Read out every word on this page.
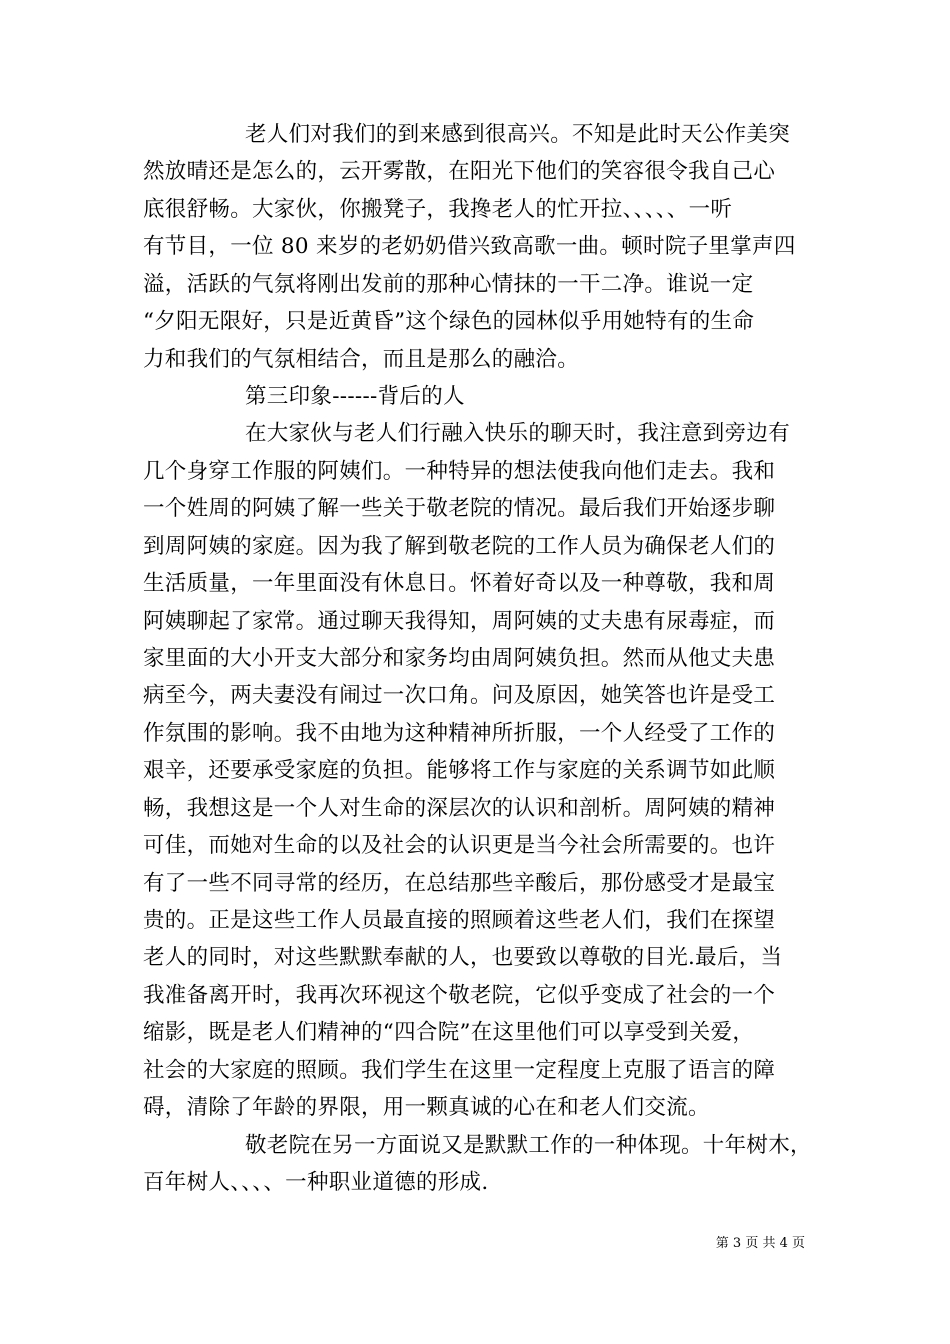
老人们对我们的到来感到很高兴。不知是此时天公作美突
然放晴还是怎么的，云开雾散，在阳光下他们的笑容很令我自己心
底很舒畅。大家伙，你搬凳子，我搀老人的忙开拉、、、、、一听
有节目，一位 80 来岁的老奶奶借兴致高歌一曲。顿时院子里掌声四
溢，活跃的气氛将刚出发前的那种心情抹的一干二净。谁说一定
“夕阳无限好，只是近黄昏”这个绿色的园林似乎用她特有的生命
力和我们的气氛相结合，而且是那么的融洽。
第三印象------背后的人
在大家伙与老人们行融入快乐的聊天时，我注意到旁边有
几个身穿工作服的阿姨们。一种特异的想法使我向他们走去。我和
一个姓周的阿姨了解一些关于敬老院的情况。最后我们开始逐步聊
到周阿姨的家庭。因为我了解到敬老院的工作人员为确保老人们的
生活质量，一年里面没有休息日。怀着好奇以及一种尊敬，我和周
阿姨聊起了家常。通过聊天我得知，周阿姨的丈夫患有尿毒症，而
家里面的大小开支大部分和家务均由周阿姨负担。然而从他丈夫患
病至今，两夫妻没有闹过一次口角。问及原因，她笑答也许是受工
作氛围的影响。我不由地为这种精神所折服，一个人经受了工作的
艰辛，还要承受家庭的负担。能够将工作与家庭的关系调节如此顺
畅，我想这是一个人对生命的深层次的认识和剖析。周阿姨的精神
可佳，而她对生命的以及社会的认识更是当今社会所需要的。也许
有了一些不同寻常的经历，在总结那些辛酸后，那份感受才是最宝
贵的。正是这些工作人员最直接的照顾着这些老人们，我们在探望
老人的同时，对这些默默奉献的人，也要致以尊敬的目光.最后，当
我准备离开时，我再次环视这个敬老院，它似乎变成了社会的一个
缩影，既是老人们精神的“四合院”在这里他们可以享受到关爱，
社会的大家庭的照顾。我们学生在这里一定程度上克服了语言的障
碍，清除了年龄的界限，用一颗真诚的心在和老人们交流。
敬老院在另一方面说又是默默工作的一种体现。十年树木，
百年树人、、、、一种职业道德的形成.
第 3 页 共 4 页
